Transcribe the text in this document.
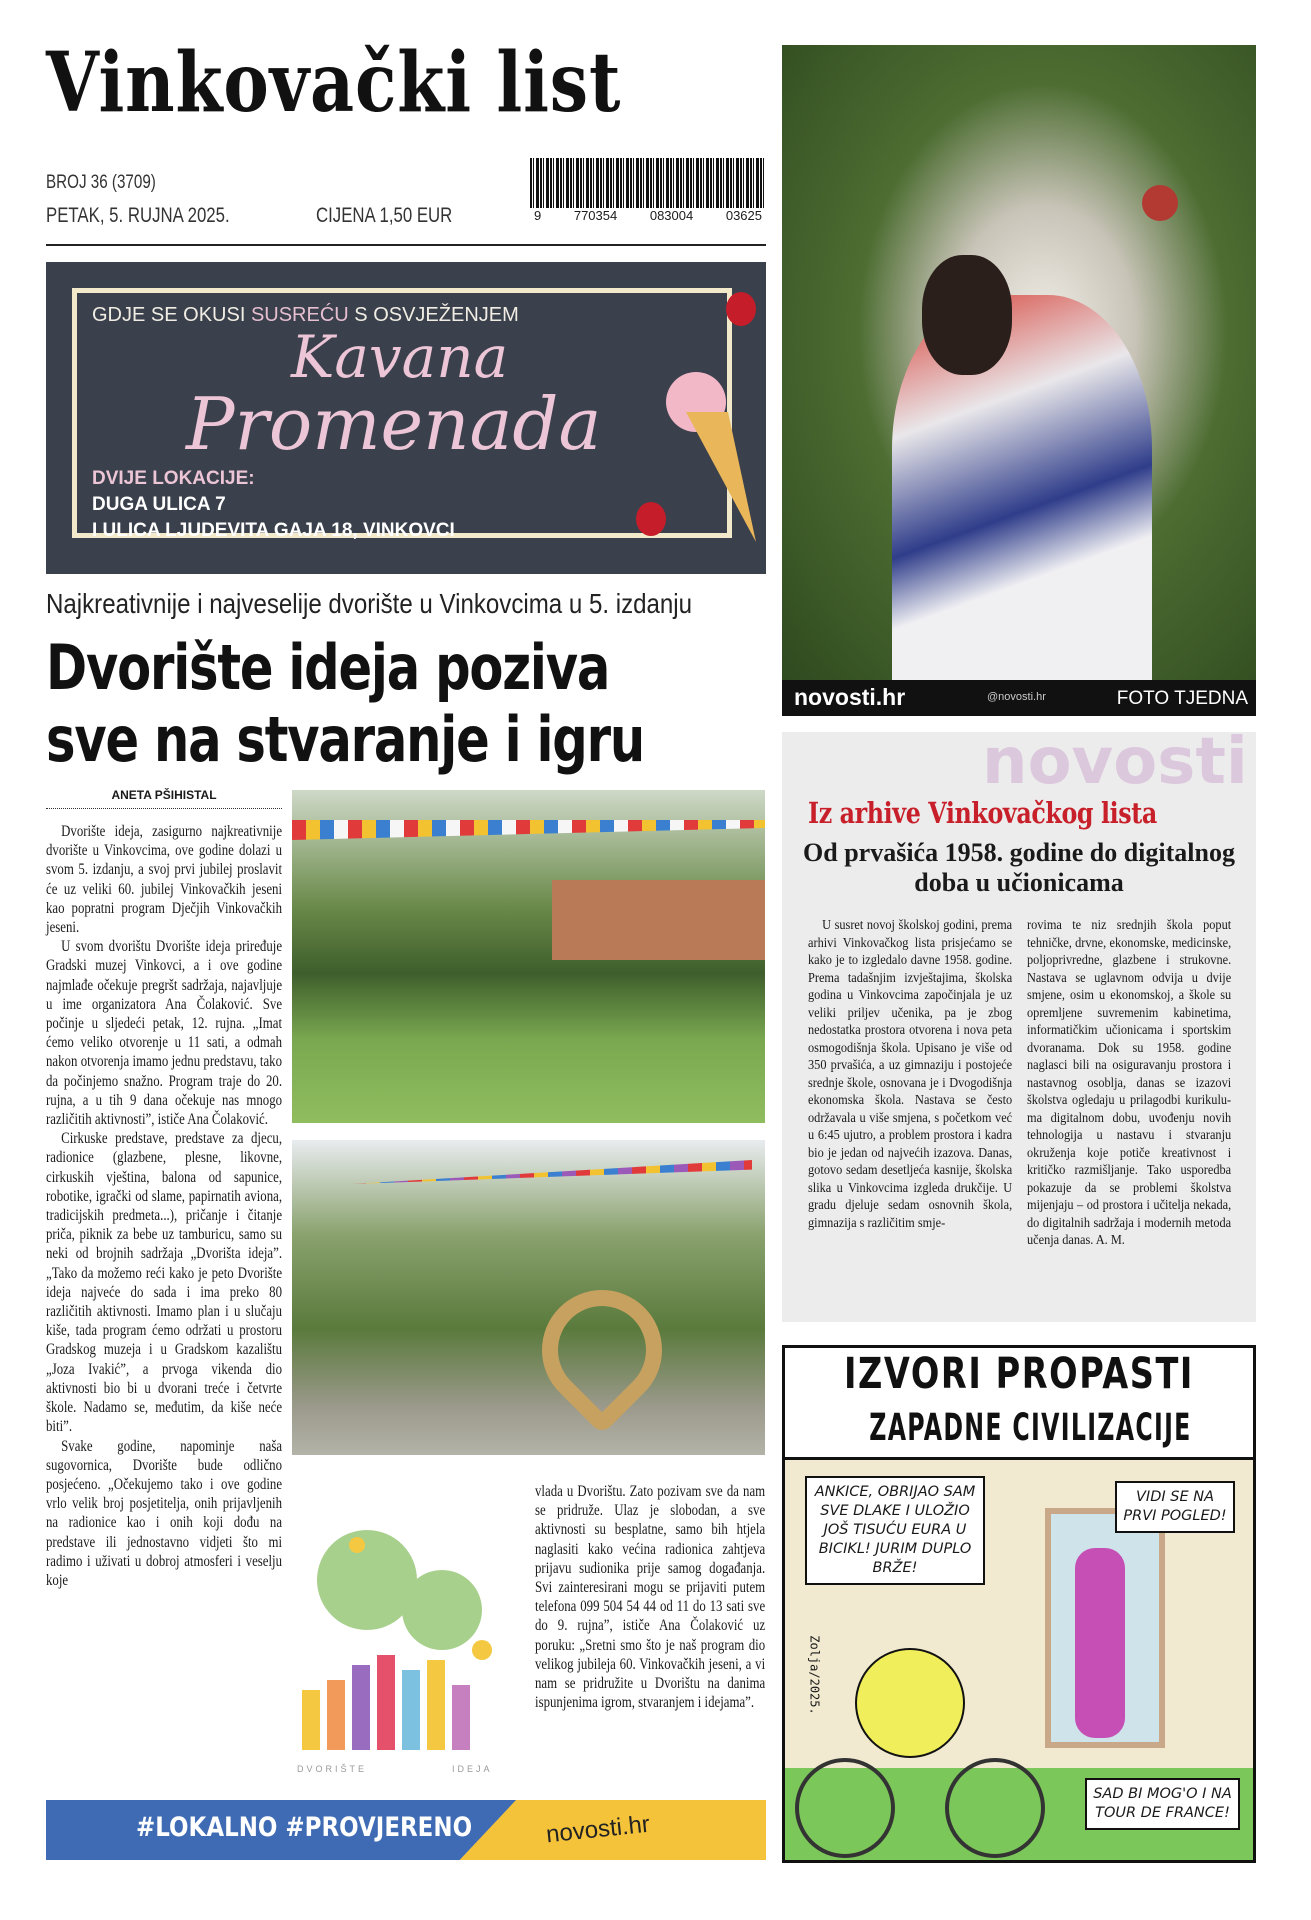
Vinkovački list
BROJ 36 (3709)
PETAK, 5. RUJNA 2025.	CIJENA 1,50 EUR	9	770354	083004	03625
GDJE SE OKUSI SUSREĆU S OSVJEŽENJEM
Kavana
Promenada
DVIJE LOKACIJE:
DUGA ULICA 7
I ULICA LJUDEVITA GAJA 18, VINKOVCI
Najkreativnije i najveselije dvorište u Vinkovcima u 5. izdanju
Dvorište ideja poziva
sve na stvaranje i igru
ANETA PŠIHISTAL

Dvorište ideja, zasigurno najkreativnije dvorište u Vinkovcima, ove godine dolazi u svom 5. izdanju, a svoj prvi jubilej proslavit će uz veliki 60. jubilej Vinkovačkih jeseni kao popratni program Dječjih Vinkovačkih jeseni.

U svom dvorištu Dvorište ideja priređuje Gradski muzej Vinkovci, a i ove godine najmlađe očekuje pregršt sadržaja, najavljuje u ime organizatora Ana Čolaković. Sve počinje u sljedeći petak, 12. rujna. „Imat ćemo veliko otvorenje u 11 sati, a odmah nakon otvorenja imamo jednu predstavu, tako da počinjemo snažno. Program traje do 20. rujna, a u tih 9 dana očekuje nas mnogo različitih aktivnosti”, ističe Ana Čolaković.

Cirkuske predstave, predstave za djecu, radionice (glazbene, plesne, likovne, cirkuskih vještina, balona od sapunice, robotike, igrački od slame, papirnatih aviona, tradicijskih predmeta...), pričanje i čitanje priča, piknik za bebe uz tamburicu, samo su neki od brojnih sadržaja „Dvorišta ideja”. „Tako da možemo reći kako je peto Dvorište ideja najveće do sada i ima preko 80 različitih aktivnosti. Imamo plan i u slučaju kiše, tada program ćemo održati u prostoru Gradskog muzeja i u Gradskom kazalištu „Joza Ivakić”, a prvoga vikenda dio aktivnosti bio bi u dvorani treće i četvrte škole. Nadamo se, međutim, da kiše neće biti”.

Svake godine, napominje naša sugovornica, Dvorište bude odlično posjećeno. „Očekujemo tako i ove godine vrlo velik broj posjetitelja, onih prijavljenih na radionice kao i onih koji dođu na predstave ili jednostavno vidjeti što mi radimo i uživati u dobroj atmosferi i veselju koje

DVORIŠTE	IDEJA
vlada u Dvorištu. Zato pozivam sve da nam se pridruže. Ulaz je slobodan, a sve aktivnosti su besplatne, samo bih htjela naglasiti kako većina radionica zahtjeva prijavu sudionika prije samog događanja. Svi zainteresirani mogu se prijaviti putem telefona 099 504 54 44 od 11 do 13 sati sve do 9. rujna”, ističe Ana Čolaković uz poruku: „Sretni smo što je naš program dio velikog jubileja 60. Vinkovačkih jeseni, a vi nam se pridružite u Dvorištu na danima ispunjenima igrom, stvaranjem i idejama”.
#LOKALNO #PROVJERENO	novosti.hr
novosti.hr	@novosti.hr	FOTO TJEDNA
novosti
Iz arhive Vinkovačkog lista
Od prvašića 1958. godine do digitalnog doba u učionicama
U susret novoj školskoj godini, prema arhivi Vinkovačkog lista prisjećamo se kako je to izgledalo davne 1958. godine. Prema tadašnjim izvještajima, školska godina u Vinkovcima započinjala je uz veliki priljev učenika, pa je zbog nedostatka prostora otvorena i nova peta osmogodišnja škola. Upisano je više od 350 prvašića, a uz gimnaziju i postojeće srednje škole, osnovana je i Dvogodišnja ekonomska škola. Nastava se često održavala u više smjena, s početkom već u 6:45 ujutro, a problem prostora i kadra bio je jedan od najvećih izazova. Danas, gotovo sedam desetljeća kasnije, školska slika u Vinkovcima izgleda drukčije. U gradu djeluje sedam osnovnih škola, gimnazija s različitim smje-
rovima te niz srednjih škola poput tehničke, drvne, ekonomske, medicinske, poljoprivredne, glazbene i strukovne. Nastava se uglavnom odvija u dvije smjene, osim u ekonomskoj, a škole su opremljene suvremenim kabinetima, informatičkim učionicama i sportskim dvoranama. Dok su 1958. godine naglasci bili na osiguravanju prostora i nastavnog osoblja, danas se izazovi školstva ogledaju u prilagodbi kurikuluma digitalnom dobu, uvođenju novih tehnologija u nastavu i stvaranju okruženja koje potiče kreativnost i kritičko razmišljanje. Tako usporedba pokazuje da se problemi školstva mijenjaju – od prostora i učitelja nekada, do digitalnih sadržaja i modernih metoda učenja danas. A. M.
IZVORI PROPASTI
ZAPADNE CIVILIZACIJE
ANKICE, OBRIJAO SAM SVE DLAKE I ULOŽIO JOŠ TISUĆU EURA U BICIKL! JURIM DUPLO BRŽE!
VIDI SE NA PRVI POGLED!
SAD BI MOG'O I NA TOUR DE FRANCE!
Zolja/2025.
